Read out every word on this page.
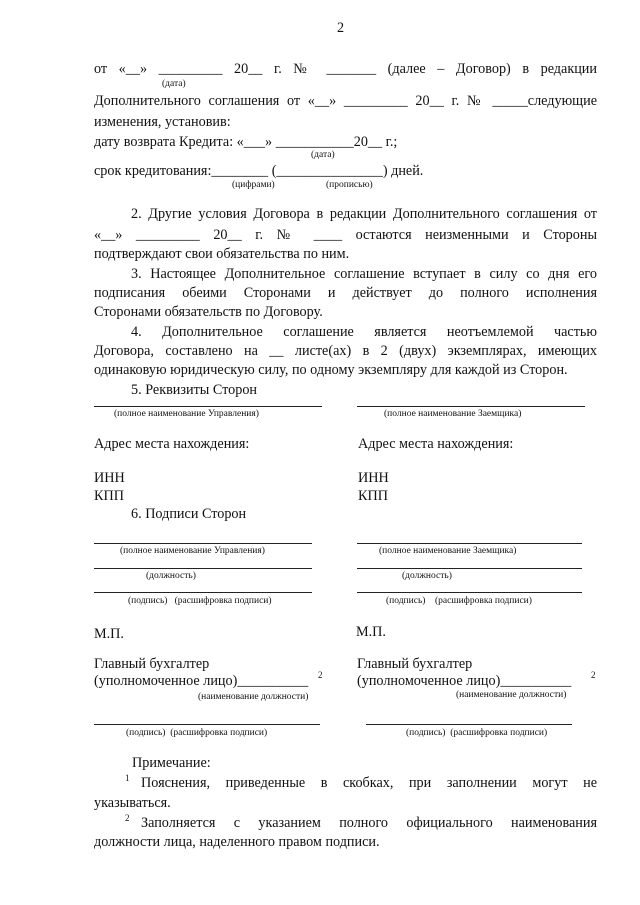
2
от «__» _________ 20__ г. № _______ (далее – Договор) в редакции
(дата)
Дополнительного соглашения от «__» _________ 20__ г. № _____следующие
изменения, установив:
дату возврата Кредита: «___» ___________20__ г.;
(дата)
срок кредитования:________ (_______________) дней.
(цифрами)	(прописью)
2. Другие условия Договора в редакции Дополнительного соглашения от
«__» _________ 20__ г. № ____ остаются неизменными и Стороны
подтверждают свои обязательства по ним.
3. Настоящее Дополнительное соглашение вступает в силу со дня его
подписания обеими Сторонами и действует до полного исполнения
Сторонами обязательств по Договору.
4. Дополнительное соглашение является неотъемлемой частью
Договора, составлено на __ листе(ах) в 2 (двух) экземплярах, имеющих
одинаковую юридическую силу, по одному экземпляру для каждой из Сторон.
5. Реквизиты Сторон
(полное наименование Управления)	(полное наименование Заемщика)
Адрес места нахождения:	Адрес места нахождения:
ИНН	ИНН
КПП	КПП
6. Подписи Сторон
(полное наименование Управления)	(полное наименование Заемщика)
(должность)	(должность)
(подпись)   (расшифровка подписи)	(подпись)    (расшифровка подписи)
М.П.	М.П.
Главный бухгалтер
(уполномоченное лицо)__________ 2
(наименование должности)
Главный бухгалтер
(уполномоченное лицо)__________ 2
(наименование должности)
(подпись)  (расшифровка подписи)	(подпись)  (расшифровка подписи)
Примечание:
1 Пояснения, приведенные в скобках, при заполнении могут не
указываться.
2 Заполняется с указанием полного официального наименования
должности лица, наделенного правом подписи.
